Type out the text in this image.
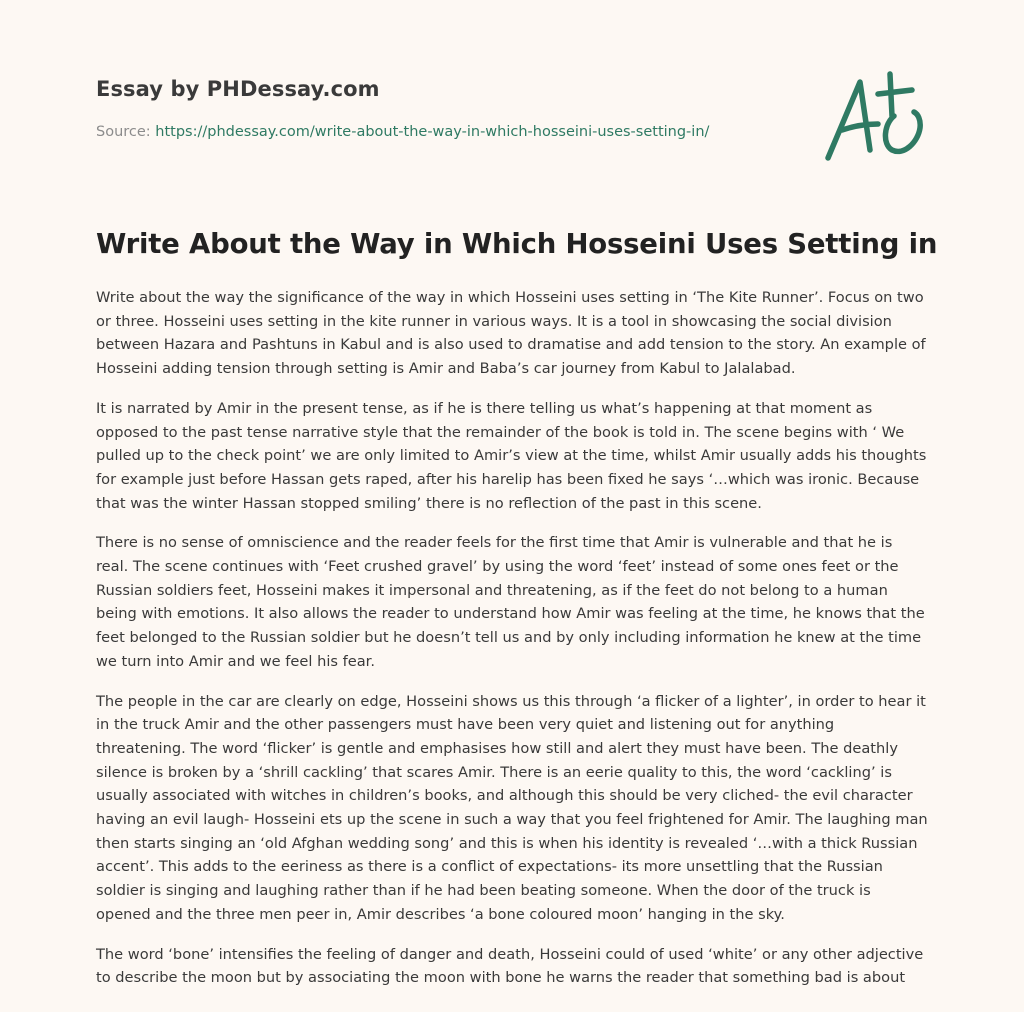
Essay by PHDessay.com
Source: https://phdessay.com/write-about-the-way-in-which-hosseini-uses-setting-in/
Write About the Way in Which Hosseini Uses Setting in

Write about the way the significance of the way in which Hosseini uses setting in ‘The Kite Runner’. Focus on two or three. Hosseini uses setting in the kite runner in various ways. It is a tool in showcasing the social division between Hazara and Pashtuns in Kabul and is also used to dramatise and add tension to the story. An example of Hosseini adding tension through setting is Amir and Baba’s car journey from Kabul to Jalalabad.

It is narrated by Amir in the present tense, as if he is there telling us what’s happening at that moment as opposed to the past tense narrative style that the remainder of the book is told in. The scene begins with ‘ We pulled up to the check point’ we are only limited to Amir’s view at the time, whilst Amir usually adds his thoughts for example just before Hassan gets raped, after his harelip has been fixed he says ‘…which was ironic. Because that was the winter Hassan stopped smiling’ there is no reflection of the past in this scene.

There is no sense of omniscience and the reader feels for the first time that Amir is vulnerable and that he is real. The scene continues with ‘Feet crushed gravel’ by using the word ‘feet’ instead of some ones feet or the Russian soldiers feet, Hosseini makes it impersonal and threatening, as if the feet do not belong to a human being with emotions. It also allows the reader to understand how Amir was feeling at the time, he knows that the feet belonged to the Russian soldier but he doesn’t tell us and by only including information he knew at the time we turn into Amir and we feel his fear.

The people in the car are clearly on edge, Hosseini shows us this through ‘a flicker of a lighter’, in order to hear it in the truck Amir and the other passengers must have been very quiet and listening out for anything threatening. The word ‘flicker’ is gentle and emphasises how still and alert they must have been. The deathly silence is broken by a ‘shrill cackling’ that scares Amir. There is an eerie quality to this, the word ‘cackling’ is usually associated with witches in children’s books, and although this should be very cliched- the evil character having an evil laugh- Hosseini ets up the scene in such a way that you feel frightened for Amir. The laughing man then starts singing an ‘old Afghan wedding song’ and this is when his identity is revealed ‘…with a thick Russian accent’. This adds to the eeriness as there is a conflict of expectations- its more unsettling that the Russian soldier is singing and laughing rather than if he had been beating someone. When the door of the truck is opened and the three men peer in, Amir describes ‘a bone coloured moon’ hanging in the sky.

The word ‘bone’ intensifies the feeling of danger and death, Hosseini could of used ‘white’ or any other adjective to describe the moon but by associating the moon with bone he warns the reader that something bad is about
